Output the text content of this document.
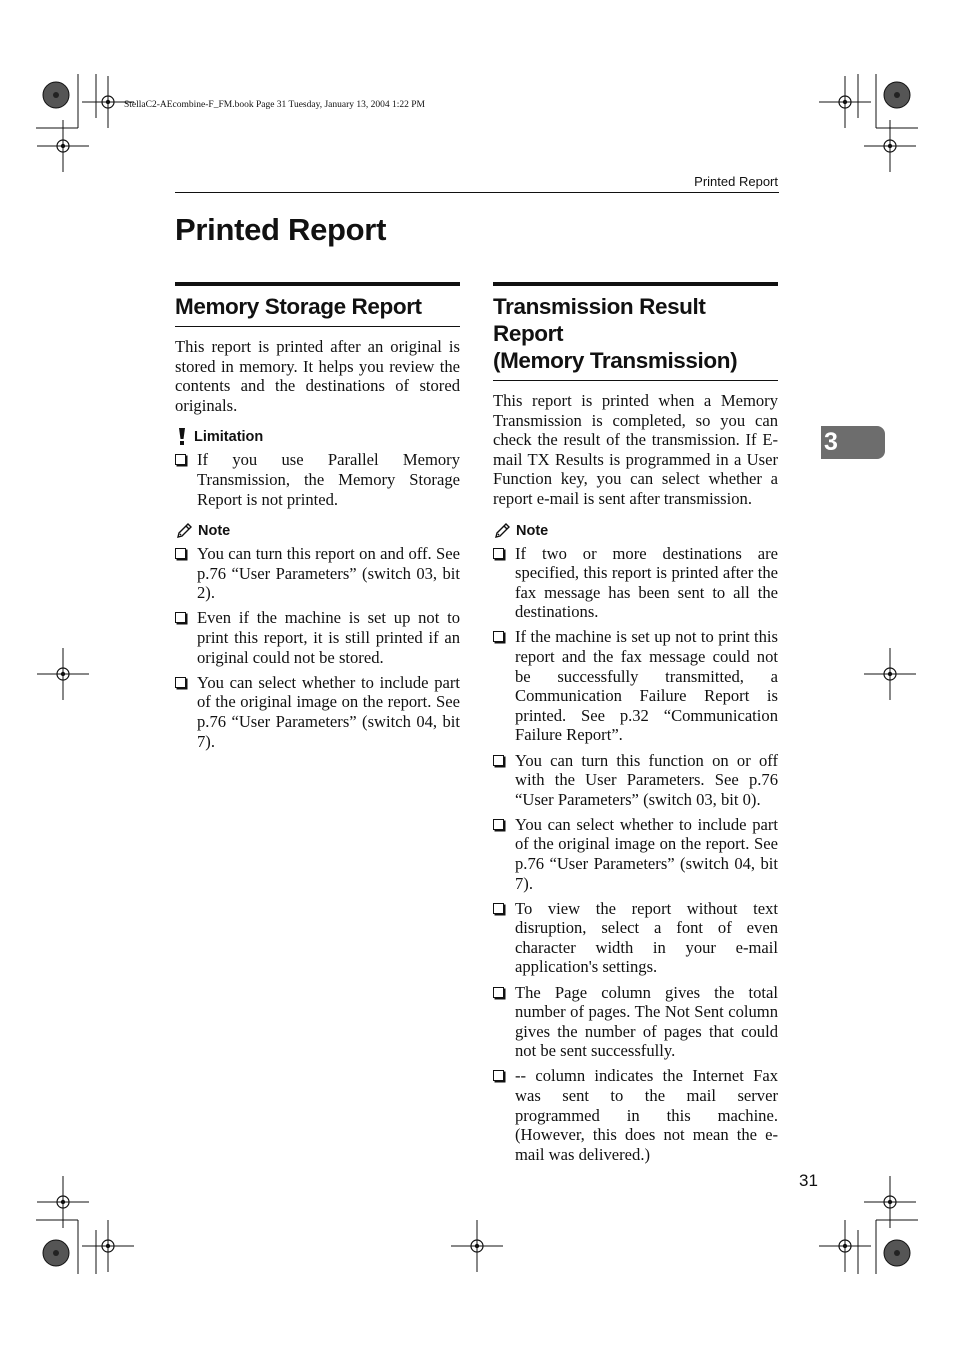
StellaC2-AEcombine-F_FM.book Page 31 Tuesday, January 13, 2004 1:22 PM
Printed Report
Printed Report
Memory Storage Report

This report is printed after an original is stored in memory. It helps you review the contents and the destinations of stored originals.

Limitation
If you use Parallel Memory Transmission, the Memory Storage Report is not printed.
Note
You can turn this report on and off. See p.76 “User Parameters” (switch 03, bit 2).
Even if the machine is set up not to print this report, it is still printed if an original could not be stored.
You can select whether to include part of the original image on the report. See p.76 “User Parameters” (switch 04, bit 7).
Transmission Result Report
(Memory Transmission)

This report is printed when a Memory Transmission is completed, so you can check the result of the transmission. If E-mail TX Results is programmed in a User Function key, you can select whether a report e-mail is sent after transmission.

Note
If two or more destinations are specified, this report is printed after the fax message has been sent to all the destinations.
If the machine is set up not to print this report and the fax message could not be successfully transmitted, a Communication Failure Report is printed. See p.32 “Communication Failure Report”.
You can turn this function on or off with the User Parameters. See p.76 “User Parameters” (switch 03, bit 0).
You can select whether to include part of the original image on the report. See p.76 “User Parameters” (switch 04, bit 7).
To view the report without text disruption, select a font of even character width in your e-mail application's settings.
The Page column gives the total number of pages. The Not Sent column gives the number of pages that could not be sent successfully.
-- column indicates the Internet Fax was sent to the mail server programmed in this machine. (However, this does not mean the e-mail was delivered.)
3
31
